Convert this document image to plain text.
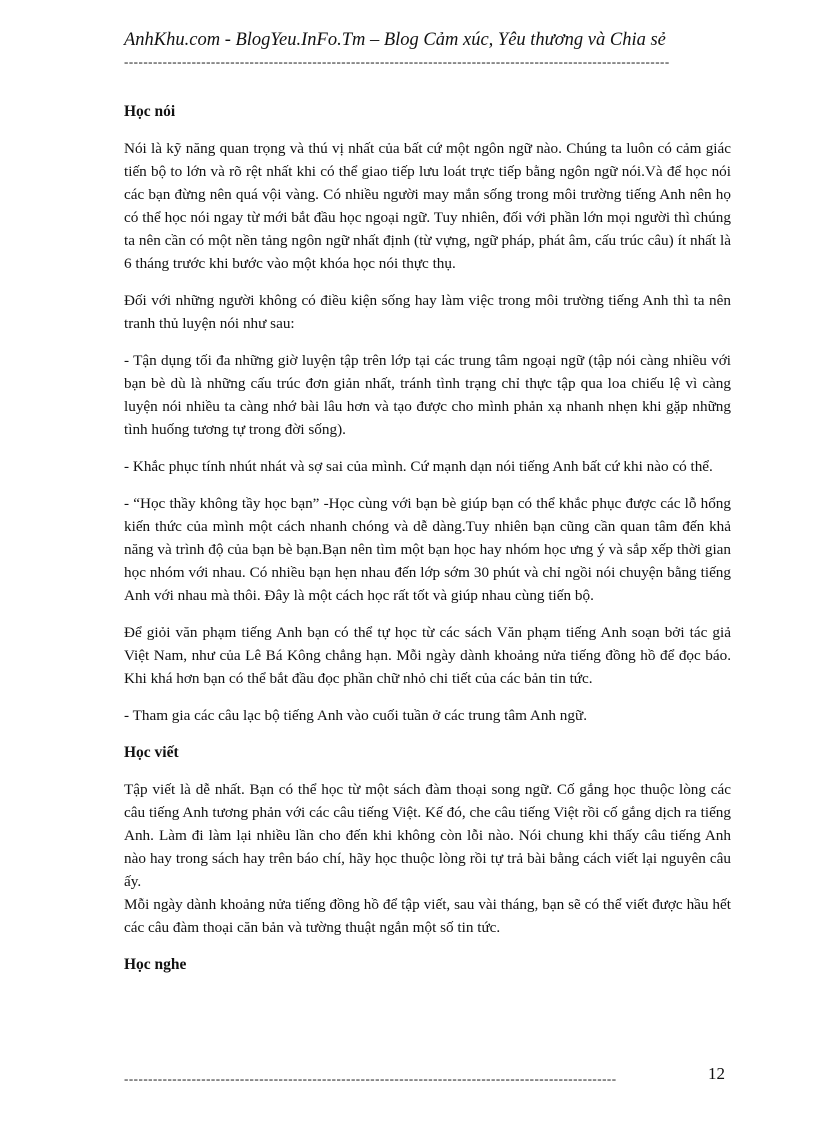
AnhKhu.com - BlogYeu.InFo.Tm – Blog Cảm xúc, Yêu thương và Chia sẻ
-----------------------------------------------------------------------------------------------------------------
Học nói

Nói là kỹ năng quan trọng và thú vị nhất của bất cứ một ngôn ngữ nào. Chúng ta luôn có cảm giác tiến bộ to lớn và rõ rệt nhất khi có thể giao tiếp lưu loát trực tiếp bằng ngôn ngữ nói.Và để học nói các bạn đừng nên quá vội vàng. Có nhiều người may mắn sống trong môi trường tiếng Anh nên họ có thể học nói ngay từ mới bắt đầu học ngoại ngữ. Tuy nhiên, đối với phần lớn mọi người thì chúng ta nên cần có một nền tảng ngôn ngữ nhất định (từ vựng, ngữ pháp, phát âm, cấu trúc câu) ít nhất là 6 tháng trước khi bước vào một khóa học nói thực thụ.

Đối với những người không có điều kiện sống hay làm việc trong môi trường tiếng Anh thì ta nên tranh thủ luyện nói như sau:

- Tận dụng tối đa những giờ luyện tập trên lớp tại các trung tâm ngoại ngữ (tập nói càng nhiều với bạn bè dù là những cấu trúc đơn giản nhất, tránh tình trạng chỉ thực tập qua loa chiếu lệ vì càng luyện nói nhiều ta càng nhớ bài lâu hơn và tạo được cho mình phản xạ nhanh nhẹn khi gặp những tình huống tương tự trong đời sống).

- Khắc phục tính nhút nhát và sợ sai của mình. Cứ mạnh dạn nói tiếng Anh bất cứ khi nào có thể.

- “Học thầy không tầy học bạn” -Học cùng với bạn bè giúp bạn có thể khắc phục được các lỗ hổng kiến thức của mình một cách nhanh chóng và dễ dàng.Tuy nhiên bạn cũng cần quan tâm đến khả năng và trình độ của bạn bè bạn.Bạn nên tìm một bạn học hay nhóm học ưng ý và sắp xếp thời gian học nhóm với nhau. Có nhiều bạn hẹn nhau đến lớp sớm 30 phút và chỉ ngồi nói chuyện bằng tiếng Anh với nhau mà thôi. Đây là một cách học rất tốt và giúp nhau cùng tiến bộ.

Để giỏi văn phạm tiếng Anh bạn có thể tự học từ các sách Văn phạm tiếng Anh soạn bởi tác giả Việt Nam, như của Lê Bá Kông chẳng hạn. Mỗi ngày dành khoảng nửa tiếng đồng hồ để đọc báo. Khi khá hơn bạn có thể bắt đầu đọc phần chữ nhỏ chi tiết của các bản tin tức.

- Tham gia các câu lạc bộ tiếng Anh vào cuối tuần ở các trung tâm Anh ngữ.

Học viết

Tập viết là dễ nhất. Bạn có thể học từ một sách đàm thoại song ngữ. Cố gắng học thuộc lòng các câu tiếng Anh tương phản với các câu tiếng Việt. Kế đó, che câu tiếng Việt rồi cố gắng dịch ra tiếng Anh. Làm đi làm lại nhiều lần cho đến khi không còn lỗi nào. Nói chung khi thấy câu tiếng Anh nào hay trong sách hay trên báo chí, hãy học thuộc lòng rồi tự trả bài bằng cách viết lại nguyên câu ấy.

Mỗi ngày dành khoảng nửa tiếng đồng hồ để tập viết, sau vài tháng, bạn sẽ có thể viết được hầu hết các câu đàm thoại căn bản và tường thuật ngắn một số tin tức.

Học nghe
------------------------------------------------------------------------------------------------------	12
